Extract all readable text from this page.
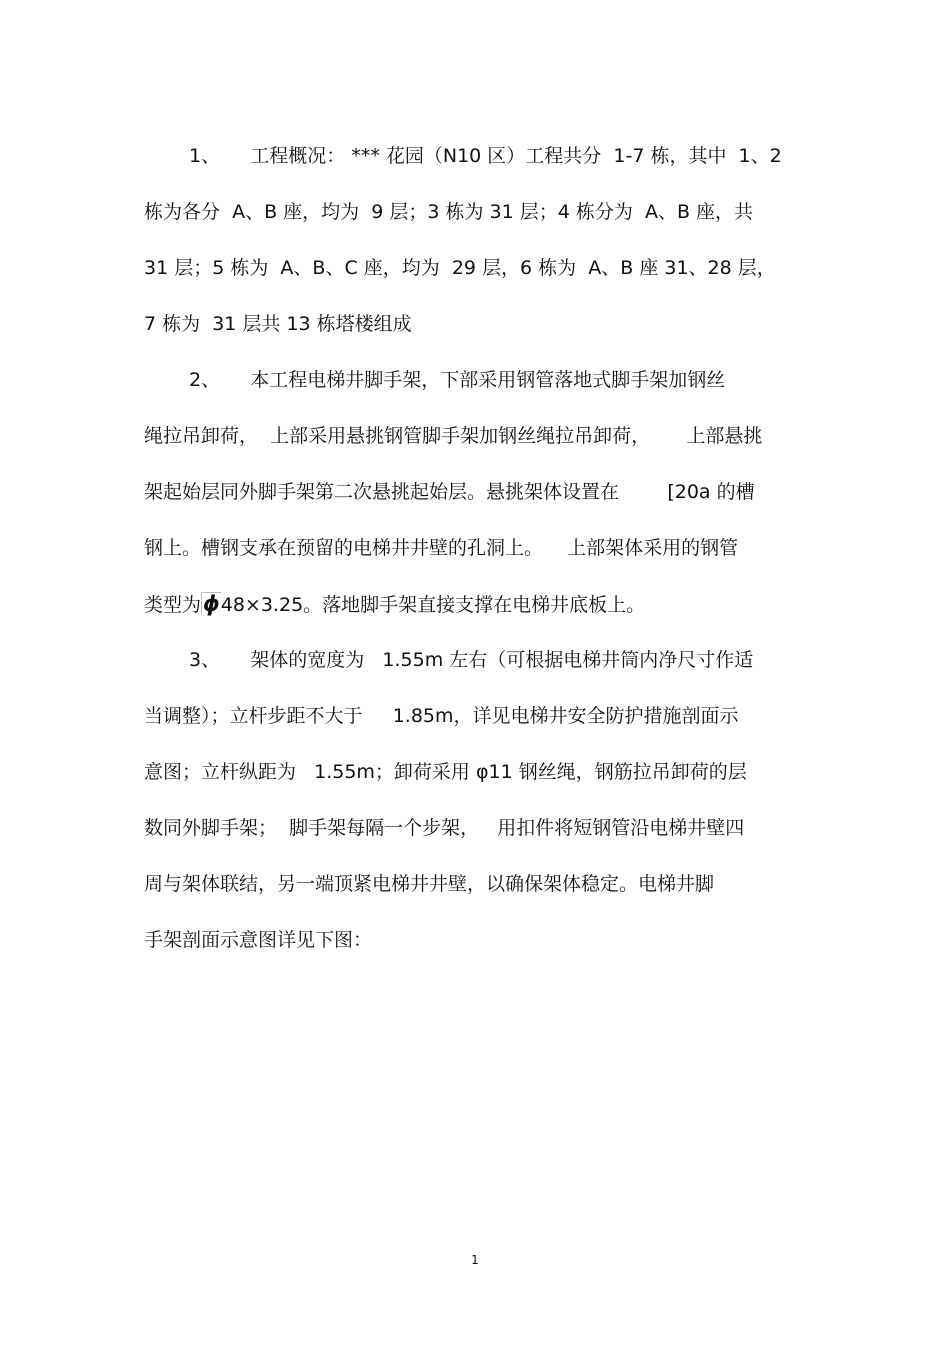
1、     工程概况： *** 花园（N10 区）工程共分  1-7 栋，其中  1、2

栋为各分  A、B 座，均为  9 层；3 栋为 31 层；4 栋分为  A、B 座，共

31 层；5 栋为  A、B、C 座，均为  29 层，6 栋为  A、B 座 31、28 层，

7 栋为  31 层共 13 栋塔楼组成

2、     本工程电梯井脚手架，下部采用钢管落地式脚手架加钢丝

绳拉吊卸荷，  上部采用悬挑钢管脚手架加钢丝绳拉吊卸荷，      上部悬挑

架起始层同外脚手架第二次悬挑起始层。悬挑架体设置在        [20a 的槽

钢上。槽钢支承在预留的电梯井井壁的孔洞上。    上部架体采用的钢管

类型为ϕ48×3.25。落地脚手架直接支撑在电梯井底板上。

3、     架体的宽度为   1.55m 左右（可根据电梯井筒内净尺寸作适

当调整）；立杆步距不大于     1.85m，详见电梯井安全防护措施剖面示

意图；立杆纵距为   1.55m；卸荷采用 φ11 钢丝绳，钢筋拉吊卸荷的层

数同外脚手架；  脚手架每隔一个步架，   用扣件将短钢管沿电梯井壁四

周与架体联结，另一端顶紧电梯井井壁，以确保架体稳定。电梯井脚

手架剖面示意图详见下图：

1
